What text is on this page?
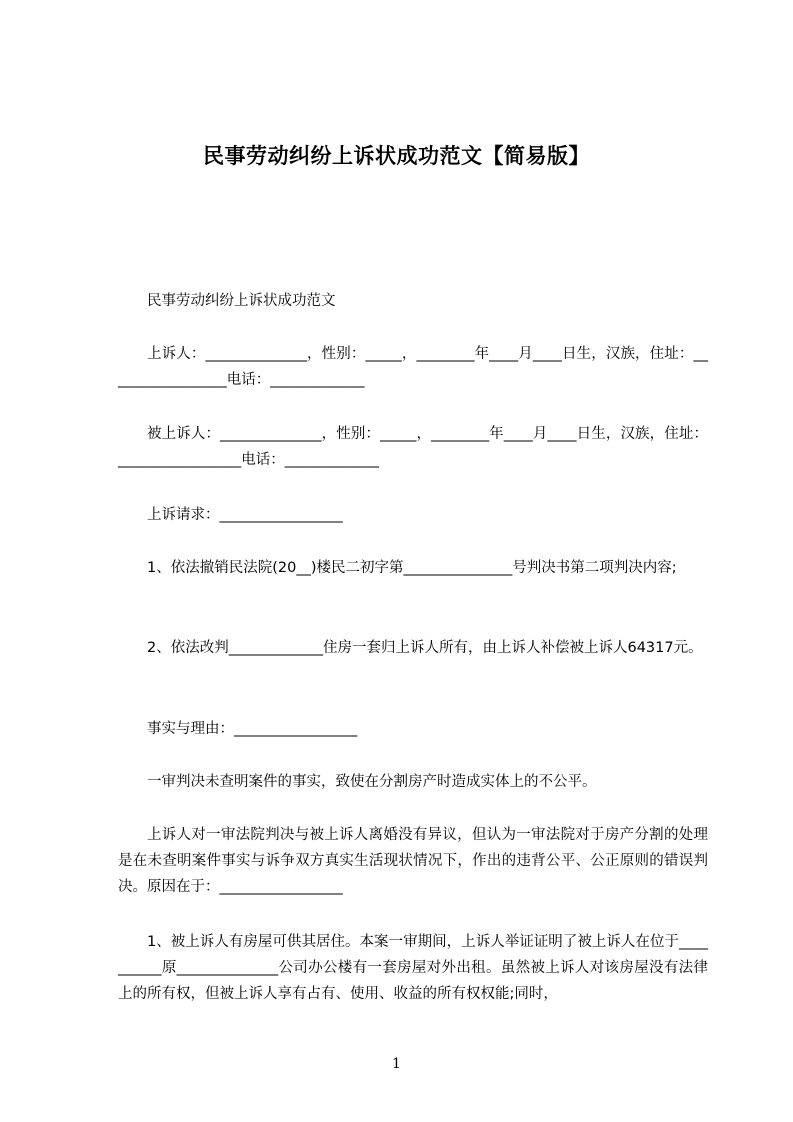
民事劳动纠纷上诉状成功范文【简易版】
民事劳动纠纷上诉状成功范文
上诉人：______________，性别：_____，________年____月____日生，汉族，住址：_________________电话：_____________
被上诉人：______________，性别：_____，________年____月____日生，汉族，住址：_________________电话：_____________
上诉请求：_________________
1、依法撤销民法院(20__)楼民二初字第_______________号判决书第二项判决内容;
2、依法改判_____________住房一套归上诉人所有，由上诉人补偿被上诉人64317元。
事实与理由：_________________
一审判决未查明案件的事实，致使在分割房产时造成实体上的不公平。
上诉人对一审法院判决与被上诉人离婚没有异议，但认为一审法院对于房产分割的处理是在未查明案件事实与诉争双方真实生活现状情况下，作出的违背公平、公正原则的错误判决。原因在于：_________________
1、被上诉人有房屋可供其居住。本案一审期间，上诉人举证证明了被上诉人在位于__________原______________公司办公楼有一套房屋对外出租。虽然被上诉人对该房屋没有法律上的所有权，但被上诉人享有占有、使用、收益的所有权权能;同时，
1
